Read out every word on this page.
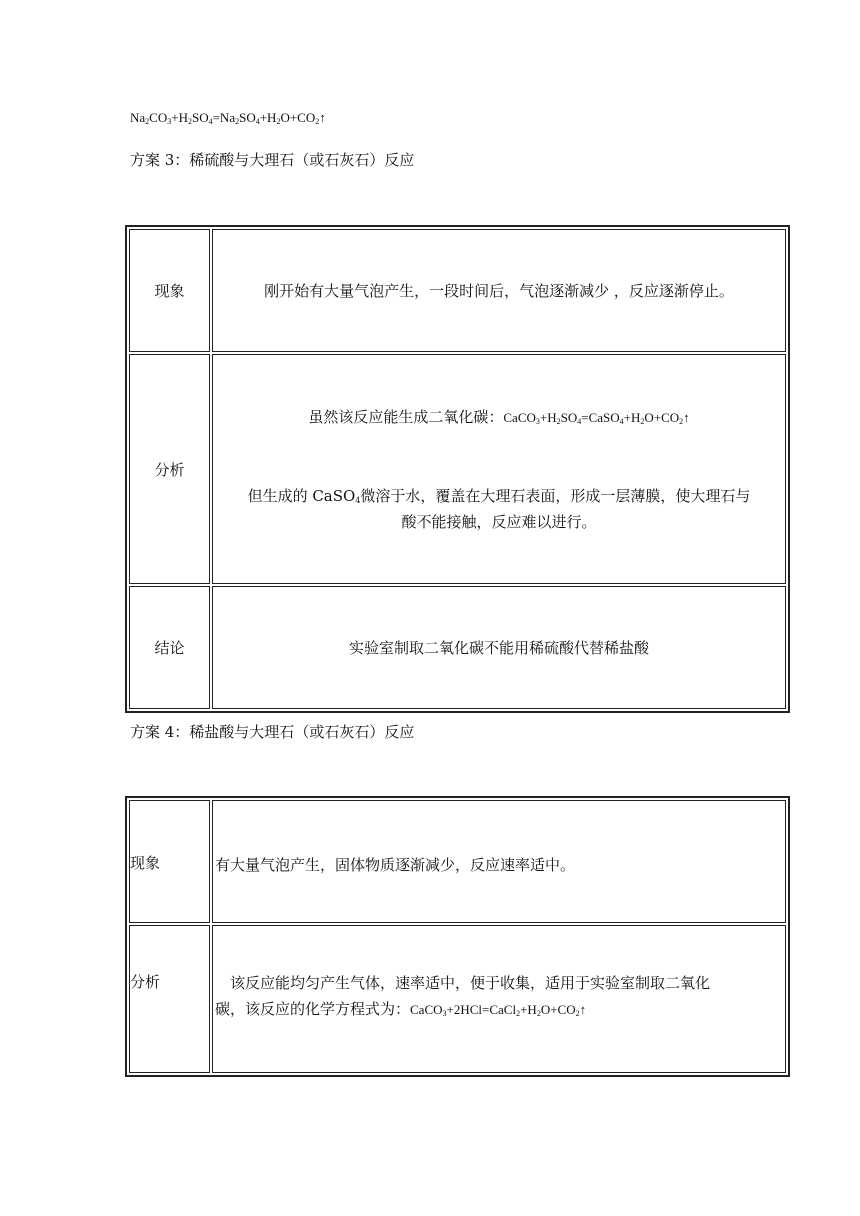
$Na_2CO_3+H_2SO_4=Na_2SO_4+H_2O+CO_2↑$
方案 3：稀硫酸与大理石（或石灰石）反应
现象	刚开始有大量气泡产生，一段时间后，气泡逐渐减少 ，反应逐渐停止。
分析	虽然该反应能生成二氧化碳：$CaCO_3+H_2SO_4=CaSO_4+H_2O+CO_2↑$
但生成的 CaSO$_4$微溶于水，覆盖在大理石表面，形成一层薄膜，使大理石与
酸不能接触，反应难以进行。

结论	实验室制取二氧化碳不能用稀硫酸代替稀盐酸
方案 4：稀盐酸与大理石（或石灰石）反应
现象	有大量气泡产生，固体物质逐渐减少，反应速率适中。
分析	该反应能均匀产生气体，速率适中，便于收集，适用于实验室制取二氧化
碳，该反应的化学方程式为：$CaCO_3+2HCl=CaCl_2+H_2O+CO_2↑$
